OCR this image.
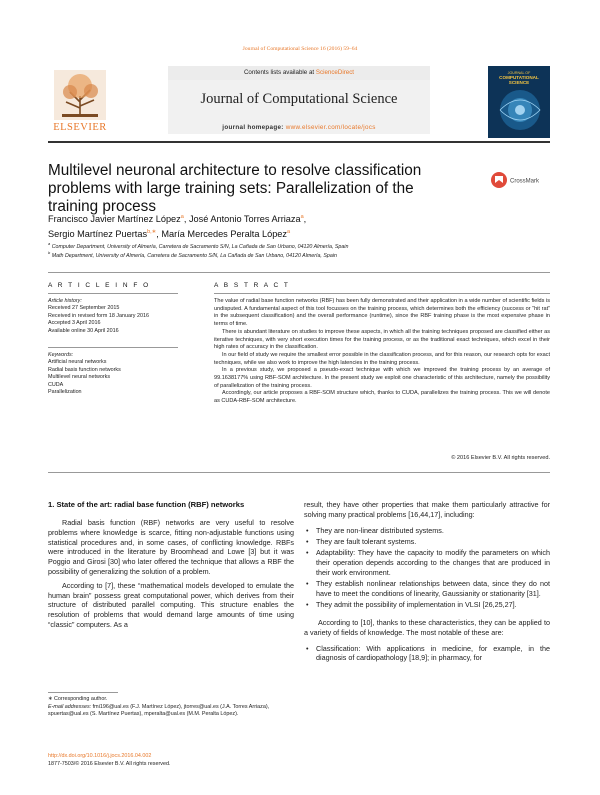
Journal of Computational Science 16 (2016) 59–64
Contents lists available at ScienceDirect
Journal of Computational Science
journal homepage: www.elsevier.com/locate/jocs
ELSEVIER
JOURNAL OF
COMPUTATIONAL
SCIENCE
Multilevel neuronal architecture to resolve classification problems with large training sets: Parallelization of the training process
CrossMark
Francisco Javier Martínez López$^a$, José Antonio Torres Arriaza$^a$,
Sergio Martínez Puertas$^{b,∗}$, María Mercedes Peralta López$^a$
$^a$ Computer Department, University of Almería, Carretera de Sacramento S/N, La Cañada de San Urbano, 04120 Almería, Spain
$^b$ Math Department, University of Almería, Carretera de Sacramento S/N, La Cañada de San Urbano, 04120 Almería, Spain
A R T I C L E I N F O	A B S T R A C T
Article history:
Received 27 September 2015
Received in revised form 18 January 2016
Accepted 3 April 2016
Available online 30 April 2016
Keywords:
Artificial neural networks
Radial basis function networks
Multilevel neural networks
CUDA
Parallelization

The value of radial base function networks (RBF) has been fully demonstrated and their application in a wide number of scientific fields is undisputed. A fundamental aspect of this tool focusses on the training process, which determines both the efficiency (success or “hit rat” in the subsequent classification) and the overall performance (runtime), since the RBF training phase is the most expensive phase in terms of time.

There is abundant literature on studies to improve these aspects, in which all the training techniques proposed are classified either as iterative techniques, with very short execution times for the training process, or as the traditional exact techniques, which excel in their high rates of accuracy in the classification.

In our field of study we require the smallest error possible in the classification process, and for this reason, our research opts for exact techniques, while we also work to improve the high latencies in the training process.

In a previous study, we proposed a pseudo-exact technique with which we improved the training process by an average of 99.1638177% using RBF-SOM architecture. In the present study we exploit one characteristic of this architecture, namely the possibility of parallelization of the training process.

Accordingly, our article proposes a RBF-SOM structure which, thanks to CUDA, parallelizes the training process. This we will denote as CUDA-RBF-SOM architecture.

© 2016 Elsevier B.V. All rights reserved.
1. State of the art: radial base function (RBF) networks

Radial basis function (RBF) networks are very useful to resolve problems where knowledge is scarce, fitting non-adjustable functions using statistical procedures and, in some cases, of conflicting knowledge. RBFs were introduced in the literature by Broomhead and Lowe [3] but it was Poggio and Girosi [30] who later offered the technique that allows a RBF the possibility of generalizing the solution of a problem.

According to [7], these “mathematical models developed to emulate the human brain” possess great computational power, which derives from their structure of distributed parallel computing. This structure enables the resolution of problems that would demand large amounts of time using “classic” computers. As a

result, they have other properties that make them particularly attractive for solving many practical problems [16,44,17], including:

• They are non-linear distributed systems.
• They are fault tolerant systems.
• Adaptability: They have the capacity to modify the parameters on which their operation depends according to the changes that are produced in their work environment.
• They establish nonlinear relationships between data, since they do not have to meet the conditions of linearity, Gaussianity or stationarity [31].
• They admit the possibility of implementation in VLSI [26,25,27].

According to [10], thanks to these characteristics, they can be applied to a variety of fields of knowledge. The most notable of these are:

• Classification: With applications in medicine, for example, in the diagnosis of cardiopathology [18,9]; in pharmacy, for
∗ Corresponding author.
E-mail addresses: fmi196@ual.es (F.J. Martínez López), jtorres@ual.es (J.A. Torres Arriaza), spuertas@ual.es (S. Martínez Puertas), mperalta@ual.es (M.M. Peralta López).
http://dx.doi.org/10.1016/j.jocs.2016.04.002
1877-7503/© 2016 Elsevier B.V. All rights reserved.
